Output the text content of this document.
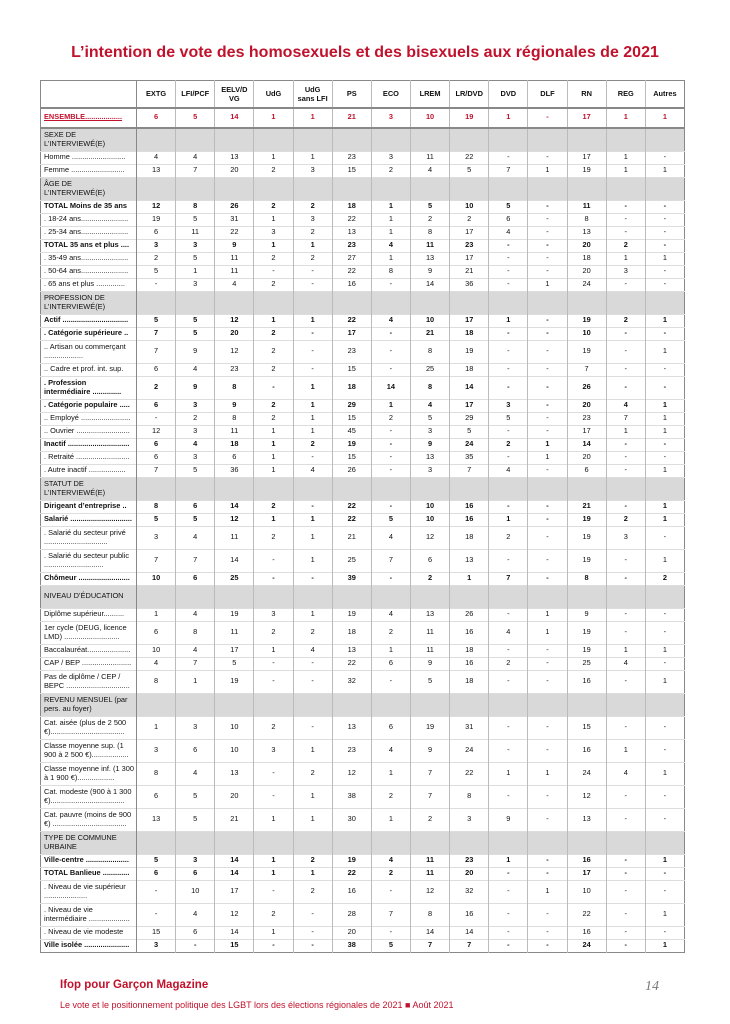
L’intention de vote des homosexuels et des bisexuels aux régionales de 2021
	EXTG	LFI/PCF	EELV/D VG	UdG	UdG sans LFI	PS	ECO	LREM	LR/DVD	DVD	DLF	RN	REG	Autres
ENSEMBLE..................	6	5	14	1	1	21	3	10	19	1	-	17	1	1
SEXE DE L’INTERVIEWÉ(E)														
Homme ..........................	4	4	13	1	1	23	3	11	22	-	-	17	1	-
Femme ..........................	13	7	20	2	3	15	2	4	5	7	1	19	1	1
ÂGE DE L’INTERVIEWÉ(E)														
TOTAL Moins de 35 ans	12	8	26	2	2	18	1	5	10	5	-	11	-	-
. 18-24 ans.......................	19	5	31	1	3	22	1	2	2	6	-	8	-	-
. 25-34 ans.......................	6	11	22	3	2	13	1	8	17	4	-	13	-	-
TOTAL 35 ans et plus ....	3	3	9	1	1	23	4	11	23	-	-	20	2	-
. 35-49 ans.......................	2	5	11	2	2	27	1	13	17	-	-	18	1	1
. 50-64 ans.......................	5	1	11	-	-	22	8	9	21	-	-	20	3	-
. 65 ans et plus ..............	-	3	4	2	-	16	-	14	36	-	1	24	-	-
PROFESSION DE L’INTERVIEWÉ(E)														
Actif ................................	5	5	12	1	1	22	4	10	17	1	-	19	2	1
. Catégorie supérieure ..	7	5	20	2	-	17	-	21	18	-	-	10	-	-
.. Artisan ou commerçant ...................	7	9	12	2	-	23	-	8	19	-	-	19	-	1
.. Cadre et prof. int. sup.	6	4	23	2	-	15	-	25	18	-	-	7	-	-
. Profession intermédiaire ..............	2	9	8	-	1	18	14	8	14	-	-	26	-	-
. Catégorie populaire .....	6	3	9	2	1	29	1	4	17	3	-	20	4	1
.. Employé ........................	-	2	8	2	1	15	2	5	29	5	-	23	7	1
.. Ouvrier ..........................	12	3	11	1	1	45	-	3	5	-	-	17	1	1
Inactif ..............................	6	4	18	1	2	19	-	9	24	2	1	14	-	-
. Retraité ..........................	6	3	6	1	-	15	-	13	35	-	1	20	-	-
. Autre inactif ..................	7	5	36	1	4	26	-	3	7	4	-	6	-	1
STATUT DE L’INTERVIEWÉ(E)														
Dirigeant d’entreprise ..	8	6	14	2	-	22	-	10	16	-	-	21	-	1
Salarié ..............................	5	5	12	1	1	22	5	10	16	1	-	19	2	1
. Salarié du secteur privé ...............................	3	4	11	2	1	21	4	12	18	2	-	19	3	-
. Salarié du secteur public .............................	7	7	14	-	1	25	7	6	13	-	-	19	-	1
Chômeur .........................	10	6	25	-	-	39	-	2	1	7	-	8	-	2
NIVEAU D’ÉDUCATION														
Diplôme supérieur..........	1	4	19	3	1	19	4	13	26	-	1	9	-	-
1er cycle (DEUG, licence LMD) ...........................	6	8	11	2	2	18	2	11	16	4	1	19	-	-
Baccalauréat.....................	10	4	17	1	4	13	1	11	18	-	-	19	1	1
CAP / BEP ........................	4	7	5	-	-	22	6	9	16	2	-	25	4	-
Pas de diplôme / CEP / BEPC ...............................	8	1	19	-	-	32	-	5	18	-	-	16	-	1
REVENU MENSUEL (par pers. au foyer)														
Cat. aisée (plus de 2 500 €)....................................	1	3	10	2	-	13	6	19	31	-	-	15	-	-
Classe moyenne sup. (1 900 à 2 500 €)..................	3	6	10	3	1	23	4	9	24	-	-	16	1	-
Classe moyenne inf. (1 300 à 1 900 €)..................	8	4	13	-	2	12	1	7	22	1	1	24	4	1
Cat. modeste (900 à 1 300 €)....................................	6	5	20	-	1	38	2	7	8	-	-	12	-	-
Cat. pauvre (moins de 900 €) ....................................	13	5	21	1	1	30	1	2	3	9	-	13	-	-
TYPE DE COMMUNE URBAINE														
Ville-centre .....................	5	3	14	1	2	19	4	11	23	1	-	16	-	1
TOTAL Banlieue .............	6	6	14	1	1	22	2	11	20	-	-	17	-	-
. Niveau de vie supérieur .....................	-	10	17	-	2	16	-	12	32	-	1	10	-	-
. Niveau de vie intermédiaire ....................	-	4	12	2	-	28	7	8	16	-	-	22	-	1
. Niveau de vie modeste	15	6	14	1	-	20	-	14	14	-	-	16	-	-
Ville isolée ......................	3	-	15	-	-	38	5	7	7	-	-	24	-	1
Ifop pour Garçon Magazine
Le vote et le positionnement politique des LGBT lors des élections régionales de 2021 ■ Août 2021
14
